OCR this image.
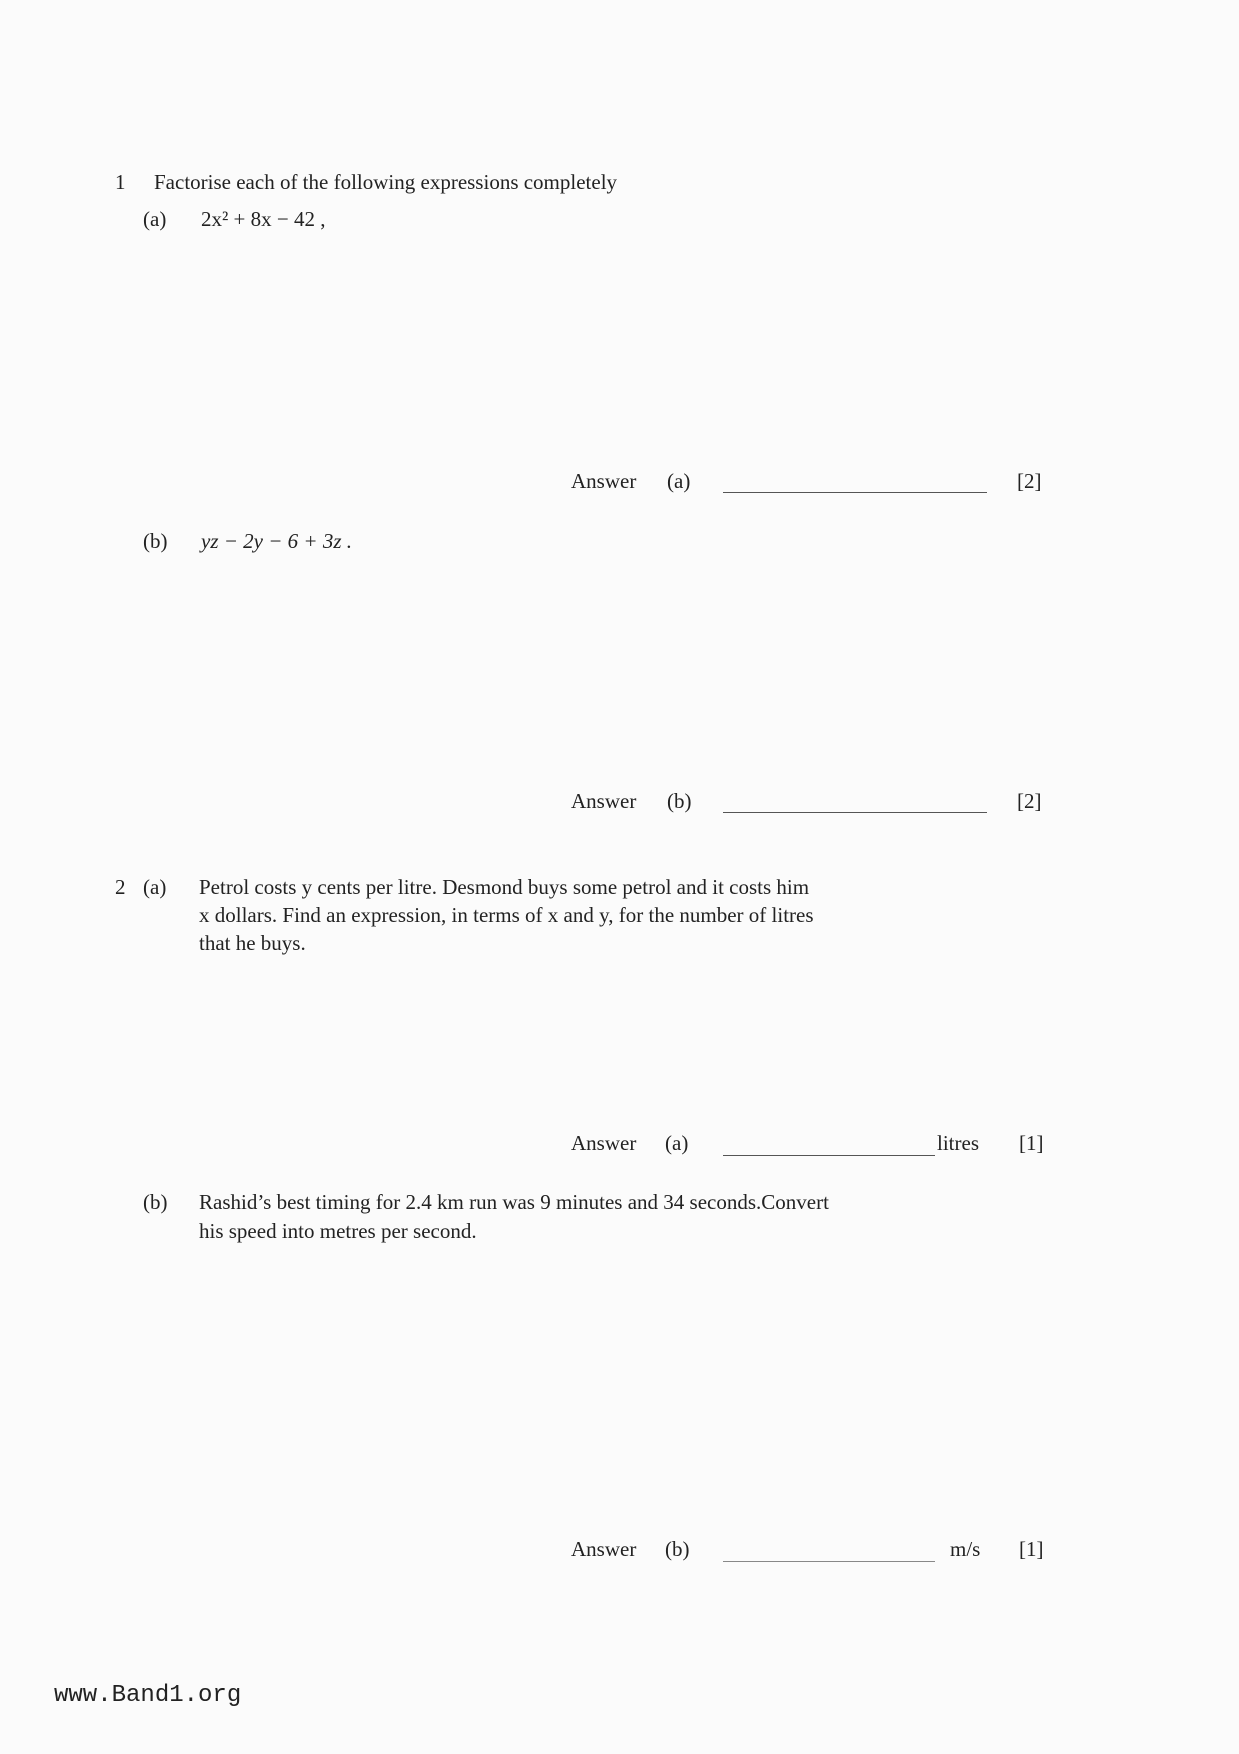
1 Factorise each of the following expressions completely
(a) 2x² + 8x − 42 ,
Answer (a)	[2]
(b) yz − 2y − 6 + 3z .
Answer (b)	[2]
2 (a) Petrol costs y cents per litre. Desmond buys some petrol and it costs him
x dollars. Find an expression, in terms of x and y, for the number of litres
that he buys.
Answer (a)	litres [1]
(b) Rashid’s best timing for 2.4 km run was 9 minutes and 34 seconds.Convert
his speed into metres per second.
Answer (b)	m/s [1]
www.Band1.org
